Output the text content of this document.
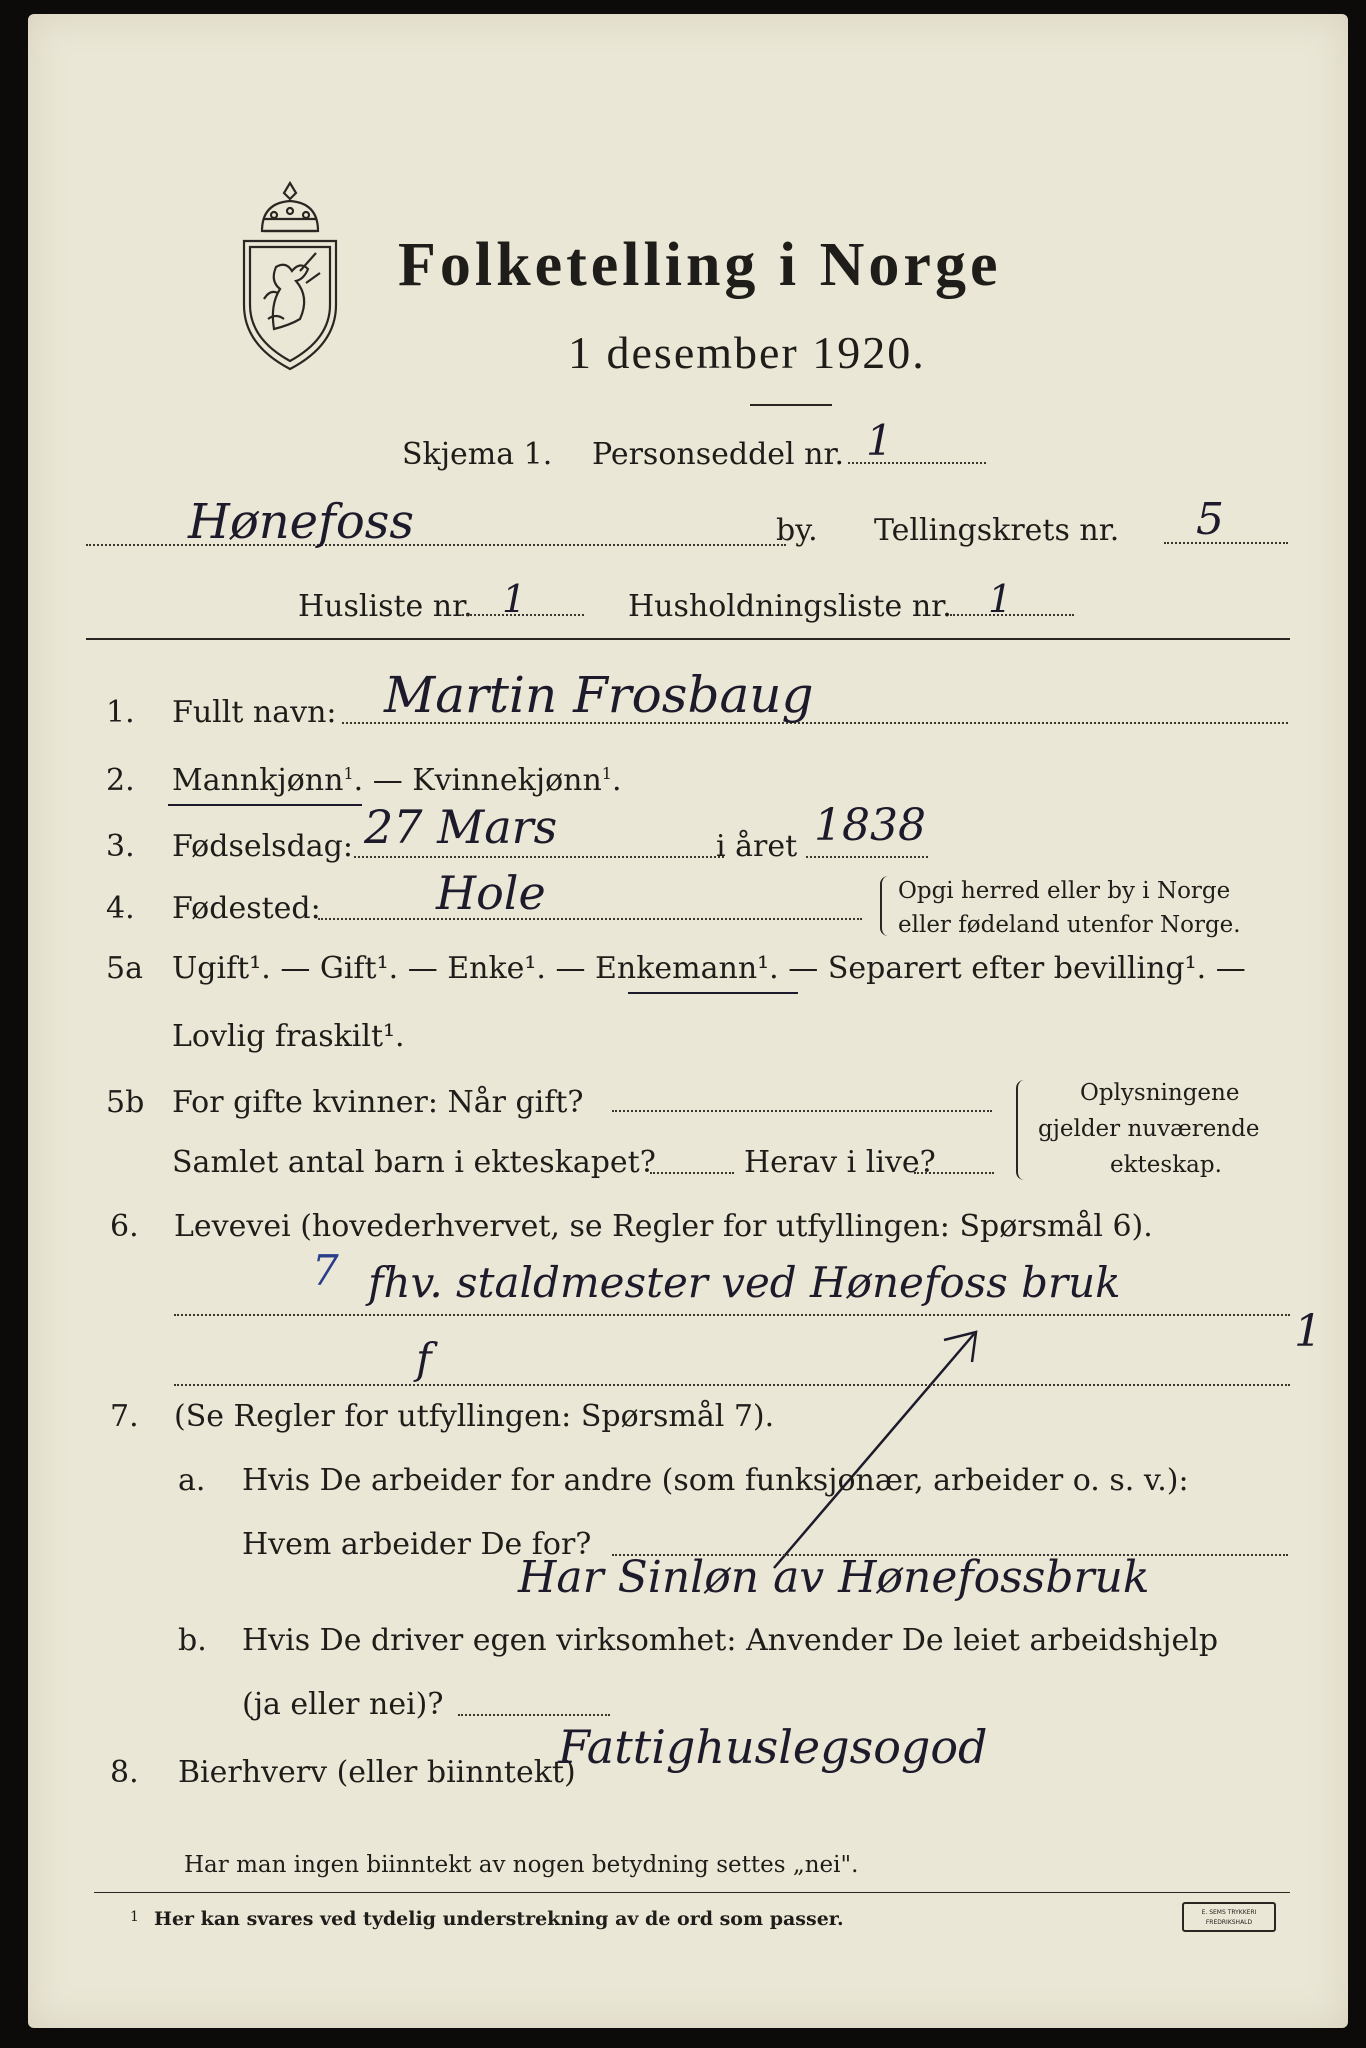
Folketelling i Norge
1 desember 1920.
Skjema 1. Personseddel nr. 1
Hønefoss	by. Tellingskrets nr. 5
Husliste nr. 1	Husholdningsliste nr. 1
1. Fullt navn: Martin Frosbaug
2. Mannkjønn$^1$. — Kvinnekjønn$^1$.
3. Fødselsdag: 27 Mars	i året 1838
4. Fødested:	Hole	Opgi herred eller by i Norge
eller fødeland utenfor Norge.
5a Ugift¹. — Gift¹. — Enke¹. — Enkemann¹. — Separert efter bevilling¹. —
Lovlig fraskilt¹.
5b For gifte kvinner: Når gift?
Samlet antal barn i ekteskapet?	Herav i live?
Oplysningene
gjelder nuværende
ekteskap.
6. Levevei (hovederhvervet, se Regler for utfyllingen: Spørsmål 6).
7 fhv. staldmester ved Hønefoss bruk
1
f
7. (Se Regler for utfyllingen: Spørsmål 7).
a. Hvis De arbeider for andre (som funksjonær, arbeider o. s. v.):
Hvem arbeider De for?
Har Sinløn av Hønefossbruk
b. Hvis De driver egen virksomhet: Anvender De leiet arbeidshjelp
(ja eller nei)?
8. Bierhverv (eller biinntekt)
Fattighuslegsogod
Har man ingen biinntekt av nogen betydning settes „nei".
1 Her kan svares ved tydelig understrekning av de ord som passer.	E. SEMS TRYKKERI FREDRIKSHALD
